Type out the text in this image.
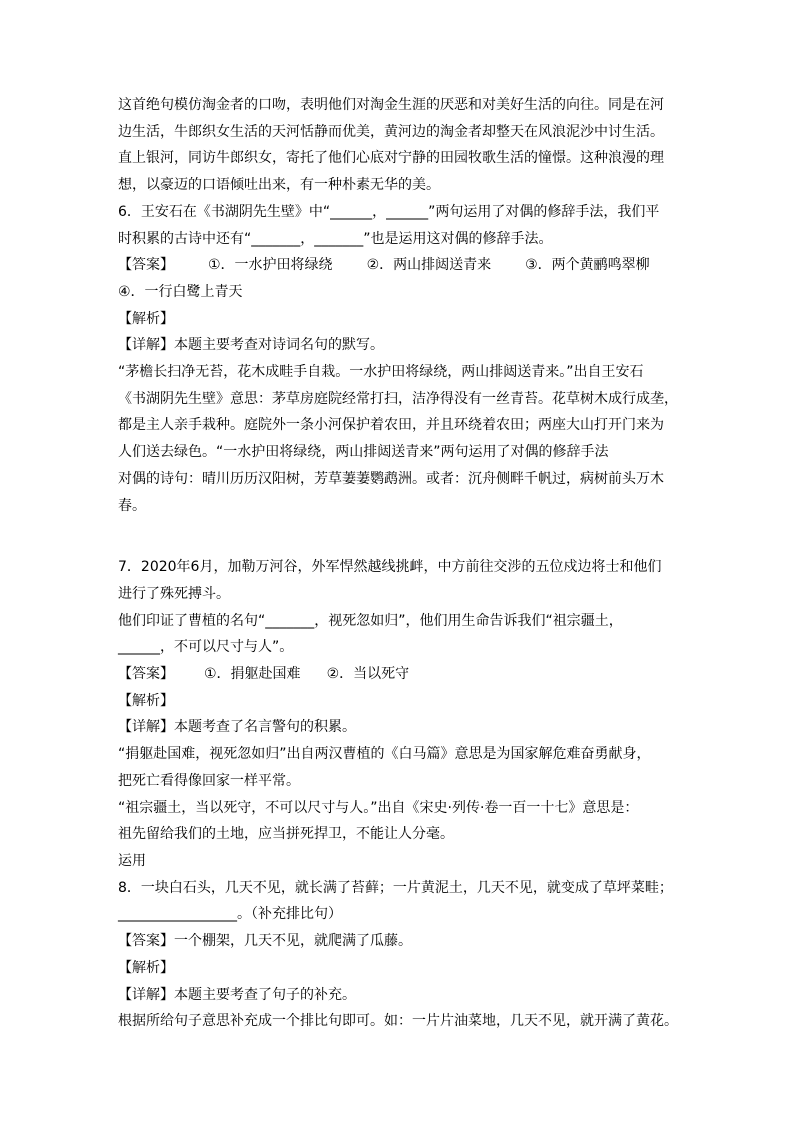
这首绝句模仿淘金者的口吻，表明他们对淘金生涯的厌恶和对美好生活的向往。同是在河
边生活，牛郎织女生活的天河恬静而优美，黄河边的淘金者却整天在风浪泥沙中讨生活。
直上银河，同访牛郎织女，寄托了他们心底对宁静的田园牧歌生活的憧憬。这种浪漫的理
想，以豪迈的口语倾吐出来，有一种朴素无华的美。
6．王安石在《书湖阴先生壁》中“______，______”两句运用了对偶的修辞手法，我们平
时积累的古诗中还有“_______，_______”也是运用这对偶的修辞手法。
【答案】 ①．一水护田将绿绕 ②．两山排闼送青来 ③．两个黄鹂鸣翠柳
④．一行白鹭上青天
【解析】
【详解】本题主要考查对诗词名句的默写。
“茅檐长扫净无苔，花木成畦手自栽。一水护田将绿绕，两山排闼送青来。”出自王安石
《书湖阴先生壁》意思：茅草房庭院经常打扫，洁净得没有一丝青苔。花草树木成行成垄，
都是主人亲手栽种。庭院外一条小河保护着农田，并且环绕着农田；两座大山打开门来为
人们送去绿色。“一水护田将绿绕，两山排闼送青来”两句运用了对偶的修辞手法
对偶的诗句：晴川历历汉阳树，芳草萋萋鹦鹉洲。或者：沉舟侧畔千帆过，病树前头万木春。
7．2020年6月，加勒万河谷，外军悍然越线挑衅，中方前往交涉的五位戍边将士和他们
进行了殊死搏斗。
他们印证了曹植的名句“_______，视死忽如归”，他们用生命告诉我们“祖宗疆土，
______，不可以尺寸与人”。
【答案】 ①．捐躯赴国难 ②．当以死守
【解析】
【详解】本题考查了名言警句的积累。
“捐躯赴国难，视死忽如归”出自两汉曹植的《白马篇》意思是为国家解危难奋勇献身，
把死亡看得像回家一样平常。
“祖宗疆土，当以死守，不可以尺寸与人。”出自《宋史·列传·卷一百一十七》意思是：
祖先留给我们的土地，应当拼死捍卫，不能让人分毫。
运用
8．一块白石头，几天不见，就长满了苔藓；一片黄泥土，几天不见，就变成了草坪菜畦；
_________________。（补充排比句）
【答案】一个棚架，几天不见，就爬满了瓜藤。
【解析】
【详解】本题主要考查了句子的补充。
根据所给句子意思补充成一个排比句即可。如：一片片油菜地，几天不见，就开满了黄花。
